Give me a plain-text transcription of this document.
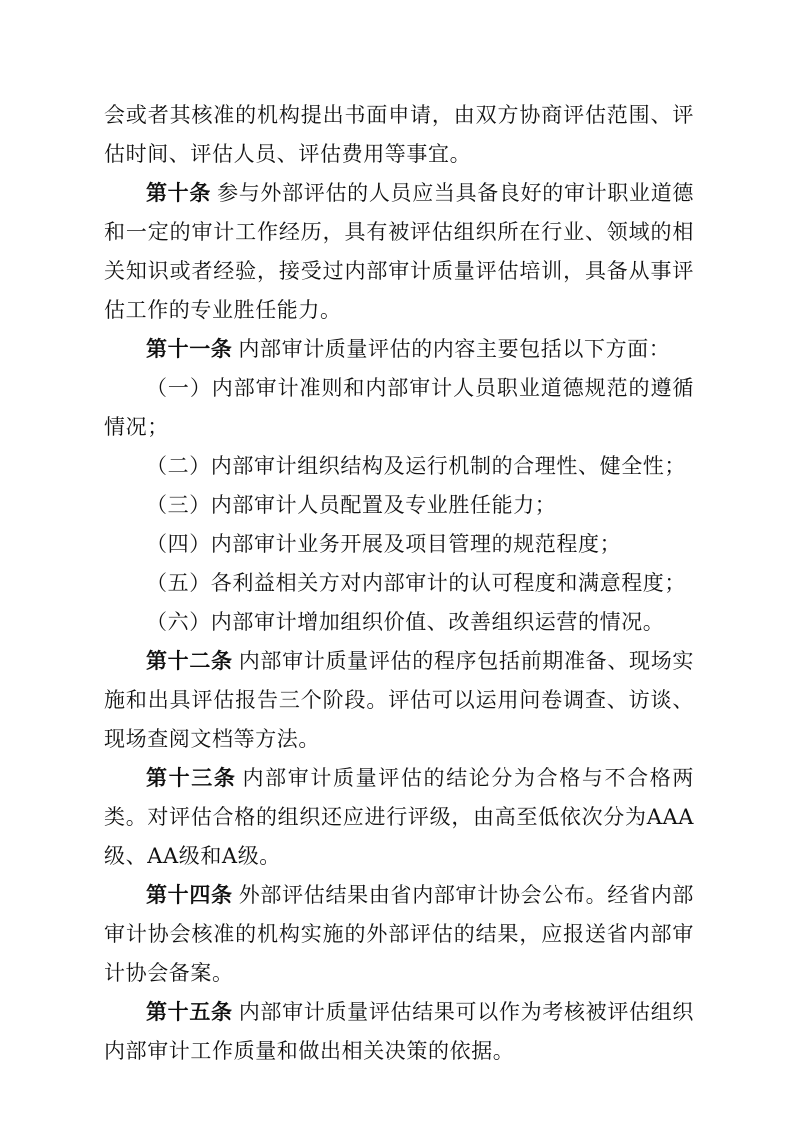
会或者其核准的机构提出书面申请，由双方协商评估范围、评估时间、评估人员、评估费用等事宜。

第十条 参与外部评估的人员应当具备良好的审计职业道德和一定的审计工作经历，具有被评估组织所在行业、领域的相关知识或者经验，接受过内部审计质量评估培训，具备从事评估工作的专业胜任能力。

第十一条 内部审计质量评估的内容主要包括以下方面：

（一）内部审计准则和内部审计人员职业道德规范的遵循情况；

（二）内部审计组织结构及运行机制的合理性、健全性；

（三）内部审计人员配置及专业胜任能力；

（四）内部审计业务开展及项目管理的规范程度；

（五）各利益相关方对内部审计的认可程度和满意程度；

（六）内部审计增加组织价值、改善组织运营的情况。

第十二条 内部审计质量评估的程序包括前期准备、现场实施和出具评估报告三个阶段。评估可以运用问卷调查、访谈、现场查阅文档等方法。

第十三条 内部审计质量评估的结论分为合格与不合格两类。对评估合格的组织还应进行评级，由高至低依次分为AAA级、AA级和A级。

第十四条 外部评估结果由省内部审计协会公布。经省内部审计协会核准的机构实施的外部评估的结果，应报送省内部审计协会备案。

第十五条 内部审计质量评估结果可以作为考核被评估组织内部审计工作质量和做出相关决策的依据。
